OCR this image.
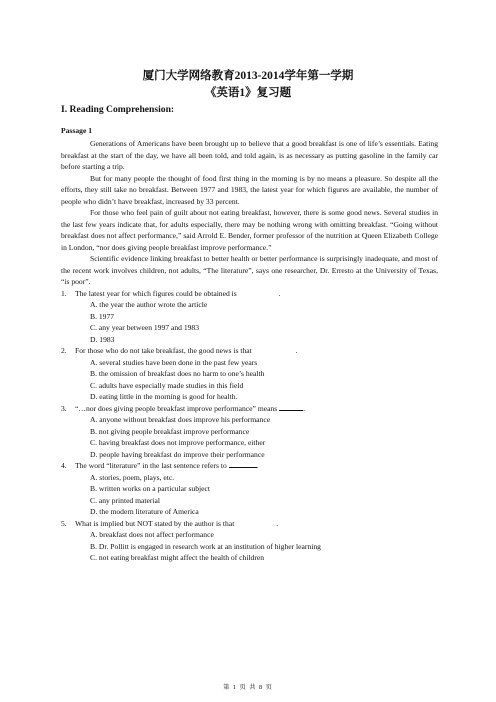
厦门大学网络教育2013-2014学年第一学期
《英语1》复习题
I. Reading Comprehension:
Passage 1

Generations of Americans have been brought up to believe that a good breakfast is one of life’s essentials. Eating breakfast at the start of the day, we have all been told, and told again, is as necessary as putting gasoline in the family car before starting a trip.

But for many people the thought of food first thing in the morning is by no means a pleasure. So despite all the efforts, they still take no breakfast. Between 1977 and 1983, the latest year for which figures are available, the number of people who didn’t have breakfast, increased by 33 percent.

For those who feel pain of guilt about not eating breakfast, however, there is some good news. Several studies in the last few years indicate that, for adults especially, there may be nothing wrong with omitting breakfast. “Going without breakfast does not affect performance,” said Arrold E. Bender, former professor of the nutrition at Queen Elizabeth College in London, “nor does giving people breakfast improve performance.”

Scientific evidence linking breakfast to better health or better performance is surprisingly inadequate, and most of the recent work involves children, not adults, “The literature”, says one researcher, Dr. Erresto at the University of Texas, “is poor”.

1. The latest year for which figures could be obtained is	.

A. the year the author wrote the article

B. 1977

C. any year between 1997 and 1983

D. 1983

2. For those who do not take breakfast, the good news is that	.

A. several studies have been done in the past few years

B. the omission of breakfast does no harm to one’s health

C. adults have especially made studies in this field

D. eating little in the morning is good for health.

3. “…nor does giving people breakfast improve performance” means	.

A. anyone without breakfast does improve his performance

B. not giving people breakfast improve performance

C. having breakfast does not improve performance, either

D. people having breakfast do improve their performance

4. The word “literature” in the last sentence refers to	.

A. stories, poem, plays, etc.

B. written works on a particular subject

C. any printed material

D. the modern literature of America

5. What is implied but NOT stated by the author is that	.

A. breakfast does not affect performance

B. Dr. Pollitt is engaged in research work at an institution of higher learning

C. not eating breakfast might affect the health of children

第 1 页 共 8 页
